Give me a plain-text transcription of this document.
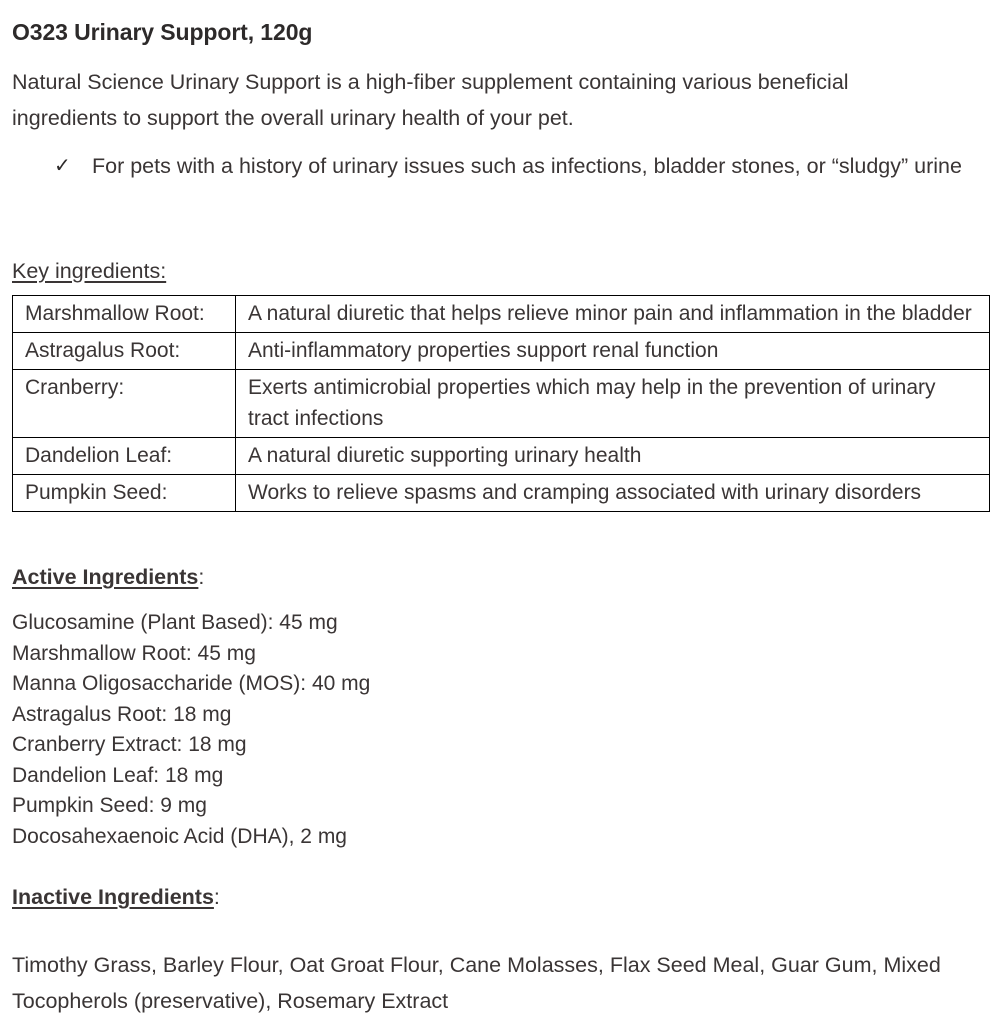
O323 Urinary Support, 120g

Natural Science Urinary Support is a high-fiber supplement containing various beneficial ingredients to support the overall urinary health of your pet.

✓ For pets with a history of urinary issues such as infections, bladder stones, or “sludgy” urine
Key ingredients:
Marshmallow Root:	A natural diuretic that helps relieve minor pain and inflammation in the bladder
Astragalus Root:	Anti-inflammatory properties support renal function
Cranberry:	Exerts antimicrobial properties which may help in the prevention of urinary tract infections
Dandelion Leaf:	A natural diuretic supporting urinary health
Pumpkin Seed:	Works to relieve spasms and cramping associated with urinary disorders
Active Ingredients:
Glucosamine (Plant Based): 45 mg
Marshmallow Root: 45 mg
Manna Oligosaccharide (MOS): 40 mg
Astragalus Root: 18 mg
Cranberry Extract: 18 mg
Dandelion Leaf: 18 mg
Pumpkin Seed: 9 mg
Docosahexaenoic Acid (DHA), 2 mg
Inactive Ingredients:

Timothy Grass, Barley Flour, Oat Groat Flour, Cane Molasses, Flax Seed Meal, Guar Gum, Mixed Tocopherols (preservative), Rosemary Extract
